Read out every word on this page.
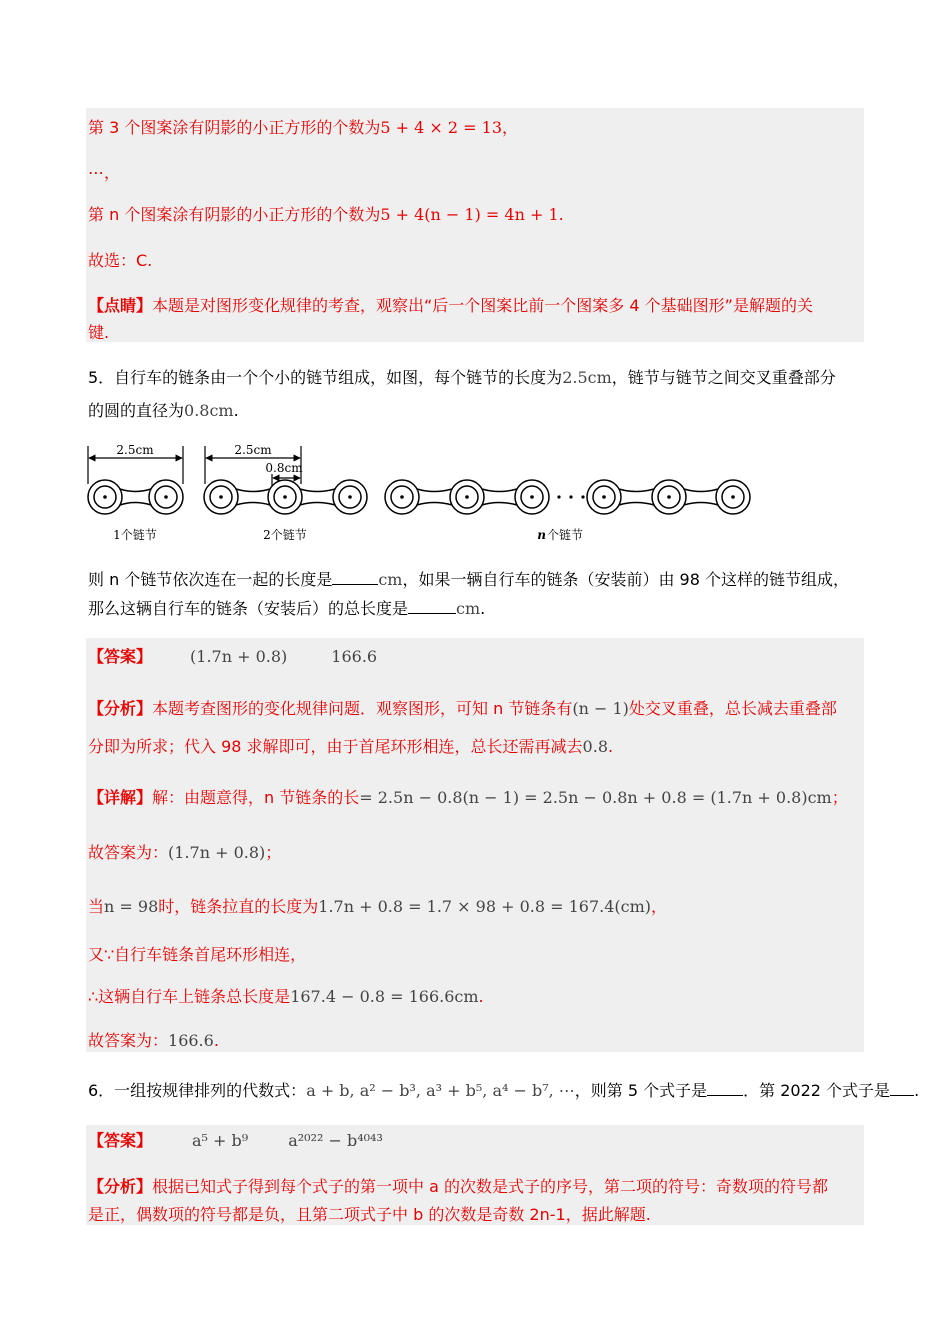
第 3 个图案涂有阴影的小正方形的个数为5 + 4 × 2 = 13，
⋯，
第 n 个图案涂有阴影的小正方形的个数为5 + 4(n − 1) = 4n + 1.
故选：C.
【点睛】本题是对图形变化规律的考查，观察出“后一个图案比前一个图案多 4 个基础图形”是解题的关
键.
5．自行车的链条由一个个小的链节组成，如图，每个链节的长度为2.5cm，链节与链节之间交叉重叠部分
的圆的直径为0.8cm.
2.5cm
1个链节
2.5cm
0.8cm
2个链节	n 个链节
则 n 个链节依次连在一起的长度是	cm，如果一辆自行车的链条（安装前）由 98 个这样的链节组成，
那么这辆自行车的链条（安装后）的总长度是	cm.
【答案】 (1.7n + 0.8)	166.6
【分析】本题考查图形的变化规律问题．观察图形，可知 n 节链条有(n − 1)处交叉重叠，总长减去重叠部
分即为所求；代入 98 求解即可，由于首尾环形相连，总长还需再减去0.8.
【详解】解：由题意得，n 节链条的长= 2.5n − 0.8(n − 1) = 2.5n − 0.8n + 0.8 = (1.7n + 0.8)cm；
故答案为：(1.7n + 0.8)；
当n = 98时，链条拉直的长度为1.7n + 0.8 = 1.7 × 98 + 0.8 = 167.4(cm)，
又∵自行车链条首尾环形相连，
∴这辆自行车上链条总长度是167.4 − 0.8 = 166.6cm.
故答案为：166.6.
6．一组按规律排列的代数式：a + b, a² − b³, a³ + b⁵, a⁴ − b⁷, ⋯，则第 5 个式子是 ．第 2022 个式子是 .
【答案】	a⁵ + b⁹	a²⁰²² − b⁴⁰⁴³
【分析】根据已知式子得到每个式子的第一项中 a 的次数是式子的序号，第二项的符号：奇数项的符号都
是正，偶数项的符号都是负，且第二项式子中 b 的次数是奇数 2n-1，据此解题.
